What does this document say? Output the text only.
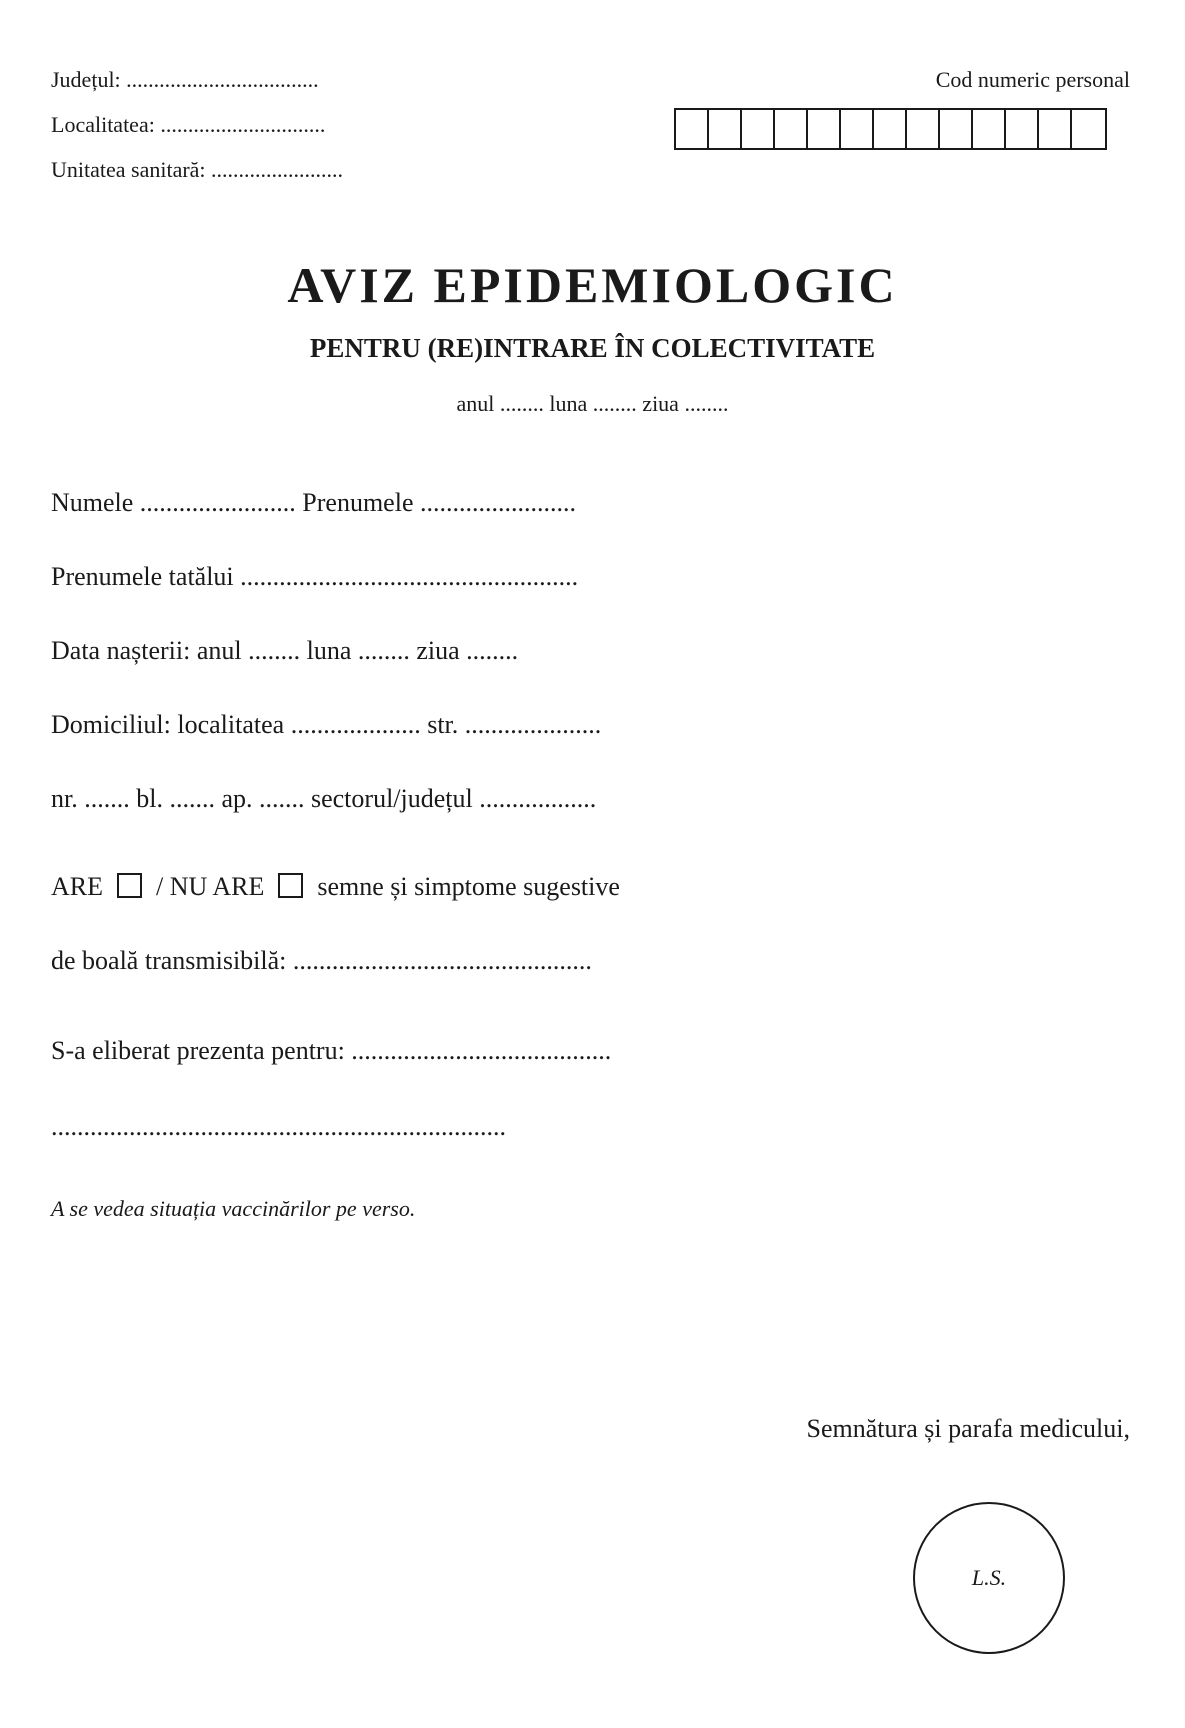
Județul: ...................................
Localitatea: ..............................
Unitatea sanitară: ........................
Cod numeric personal
AVIZ EPIDEMIOLOGIC
PENTRU (RE)INTRARE ÎN COLECTIVITATE
anul ........ luna ........ ziua ........
Numele ........................ Prenumele ........................
Prenumele tatălui ....................................................
Data nașterii: anul ........ luna ........ ziua ........
Domiciliul: localitatea .................... str. .....................
nr. ....... bl. ....... ap. ....... sectorul/județul ..................
ARE / NU ARE semne și simptome sugestive
de boală transmisibilă: ..............................................
S-a eliberat prezenta pentru: ........................................
......................................................................
A se vedea situația vaccinărilor pe verso.
Semnătura și parafa medicului,
L.S.
